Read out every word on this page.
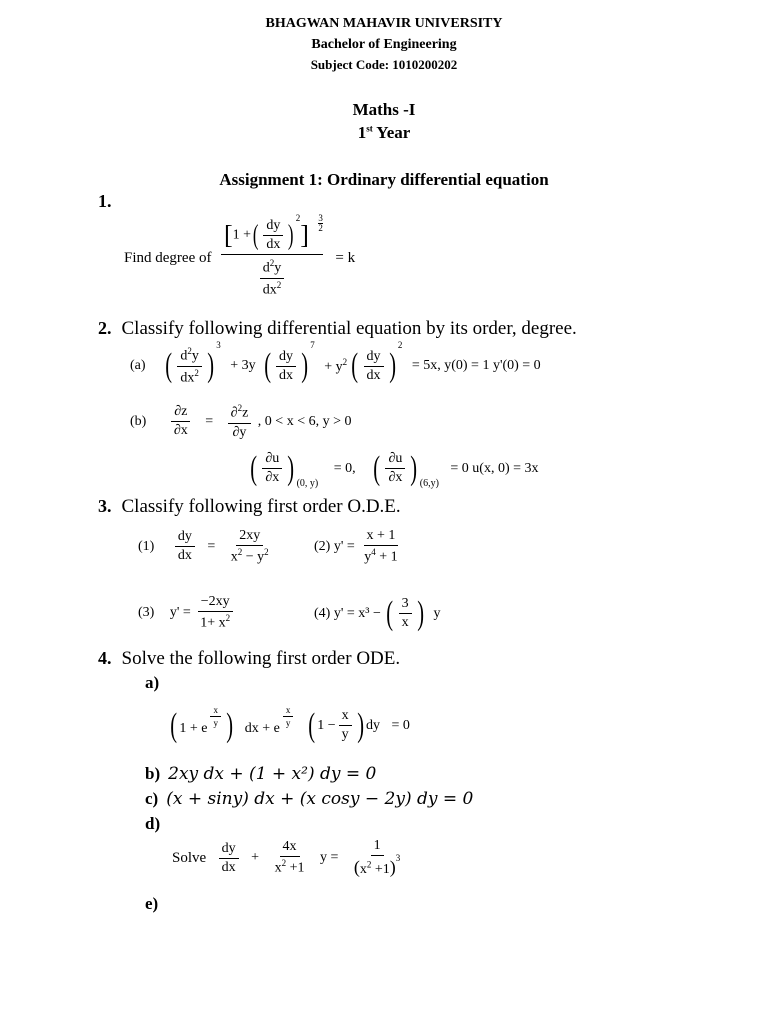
BHAGWAN MAHAVIR UNIVERSITY
Bachelor of Engineering
Subject Code: 1010200202
Maths -I
1st Year
Assignment 1: Ordinary differential equation
1.
Find degree of $\frac{[1 +( \frac{dy}{dx} )^2] \frac{3}{2}}{\frac{d^2y}{dx^2}} = k$
2. Classify following differential equation by its order, degree.
(a) ( $\frac{d^2y}{dx^2} )^3 + 3y$ ( $\frac{dy}{dx} )^7 + y^2$ ( $\frac{dy}{dx} )^2 = 5x$, y(0) = 1 y'(0) = 0
$(b) \frac{\partial z}{\partial x} = \frac{\partial^2z}{\partial y}$ , 0 < x < 6, y > 0
( $\frac{\partial u}{\partial x}$ ) $_{(0, y)}$ = 0, ( $\frac{\partial u}{\partial x}$ ) $_{(6,y)}$ = 0 u(x, 0) = 3x
3. Classify following first order O.D.E.
$(1) \frac{dy}{dx} = \frac{2xy}{x^2 - y^2}$	(2) $y' = \frac{x + 1}{y^4 + 1}$
(3) $y' = \frac{-2xy}{1+ x^2}$	(4) y' = x³ − ( $\frac{3}{x}$ ) y
4. Solve the following first order ODE.
a)
( 1 + e
$^{\frac{x}{y}}$ ) dx + e
$^{\frac{x}{y}}$ ( $1 - \frac{x}{y}$ ) dy = 0
b) 2xy dx + (1 + x²) dy = 0
c) (x + siny) dx + (x cosy − 2y) dy = 0
d)
Solve $\frac{dy}{dx} + \frac{4x}{x^2 +1}$ $y = \frac{1}{(x^2 +1)^3}$
e)
